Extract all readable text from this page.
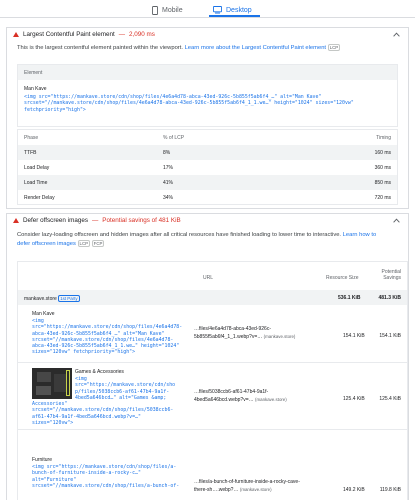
Mobile	Desktop
Largest Contentful Paint element — 2,090 ms
This is the largest contentful element painted within the viewport. Learn more about the Largest Contentful Paint element LCP
Element
Man Kave
<img src="https://mankave.store/cdn/shop/files/4e6a4d78-abca-43ed-926c-5b855f5ab6f4_…" alt="Man Kave"
srcset="//mankave.store/cdn/shop/files/4e6a4d78-abca-43ed-926c-5b855f5ab6f4_1_1.we…" height="1024" sizes="120vw"
fetchpriority="high">
Phase	% of LCP	Timing
TTFB	8%	160 ms
Load Delay	17%	360 ms
Load Time	41%	850 ms
Render Delay	34%	720 ms
Defer offscreen images — Potential savings of 481 KiB
Consider lazy-loading offscreen and hidden images after all critical resources have finished loading to lower time to interactive. Learn how to
defer offscreen images LCP FCP
URL	Resource Size
Potential
Savings
mankave.store 1st Party	536.1 KiB	481.3 KiB
Man Kave
<img
src="https://mankave.store/cdn/shop/files/4e6a4d78-
abca-43ed-926c-5b855f5ab6f4_…" alt="Man Kave"
srcset="//mankave.store/cdn/shop/files/4e6a4d78-
abca-43ed-926c-5b855f5ab6f4_1_1.we…" height="1024"
sizes="120vw" fetchpriority="high">
…files/4e6a4d78-abca-43ed-926c-
5b855f5ab6f4_1_1.webp?v=… (mankave.store)	154.1 KiB	154.1 KiB
Games & Accessories
<img
src="https://mankave.store/cdn/sho
p/files/5038ccb6-af61-47b4-9a1f-
4bed5a646bcd…" alt="Games &amp;
Accessories"
srcset="//mankave.store/cdn/shop/files/5038ccb6-
af61-47b4-9a1f-4bed5a646bcd.webp?v=…"
sizes="120vw">
…files/5038ccb6-af61-47b4-9a1f-
4bed5a646bcd.webp?v=… (mankave.store)	125.4 KiB	125.4 KiB
Furniture
<img src="https://mankave.store/cdn/shop/files/a-
bunch-of-furniture-inside-a-rocky-c…"
alt="Furniture"
srcset="//mankave.store/cdn/shop/files/a-bunch-of-
…files/a-bunch-of-furniture-inside-a-rocky-cave-
there-sh….webp?… (mankave.store)	149.2 KiB	119.8 KiB
